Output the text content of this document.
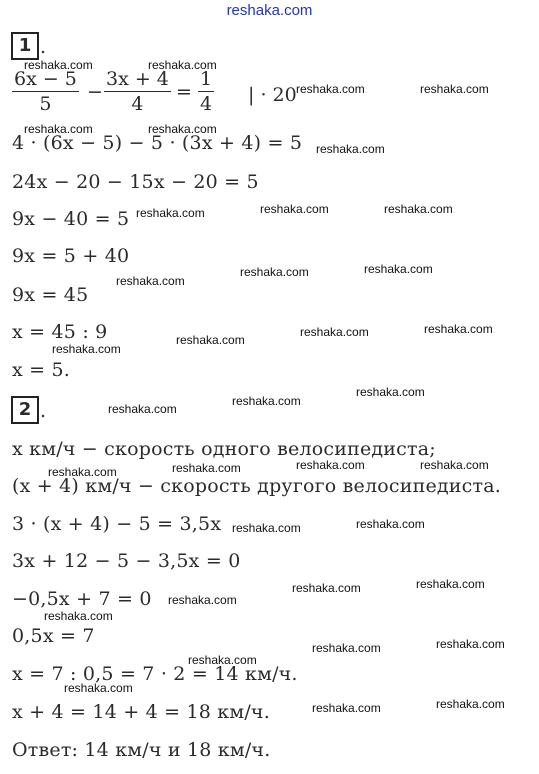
reshaka.com
1 .
$\frac{6x - 5}{5} - \frac{3x + 4}{4} = \frac{1}{4}$ | · 20
4 · (6x − 5) − 5 · (3x + 4) = 5
24x − 20 − 15x − 20 = 5
9x − 40 = 5
9x = 5 + 40
9x = 45
x = 45 : 9
x = 5.
2 .
x км/ч − скорость одного велосипедиста;
(x + 4) км/ч − скорость другого велосипедиста.
3 · (x + 4) − 5 = 3,5x
3x + 12 − 5 − 3,5x = 0
−0,5x + 7 = 0
0,5x = 7
x = 7 : 0,5 = 7 · 2 = 14 км/ч.
x + 4 = 14 + 4 = 18 км/ч.
Ответ: 14 км/ч и 18 км/ч.
reshaka.com	reshaka.com
reshaka.com	reshaka.com
reshaka.com	reshaka.com
reshaka.com
reshaka.com	reshaka.com	reshaka.com
reshaka.com	reshaka.com
reshaka.com
reshaka.com	reshaka.com
reshaka.com
reshaka.com
reshaka.com
reshaka.com
reshaka.com
reshaka.com	reshaka.com
reshaka.com
reshaka.com
reshaka.com	reshaka.com
reshaka.com
reshaka.com
reshaka.com
reshaka.com
reshaka.com
reshaka.com
reshaka.com
reshaka.com
reshaka.com
reshaka.com
